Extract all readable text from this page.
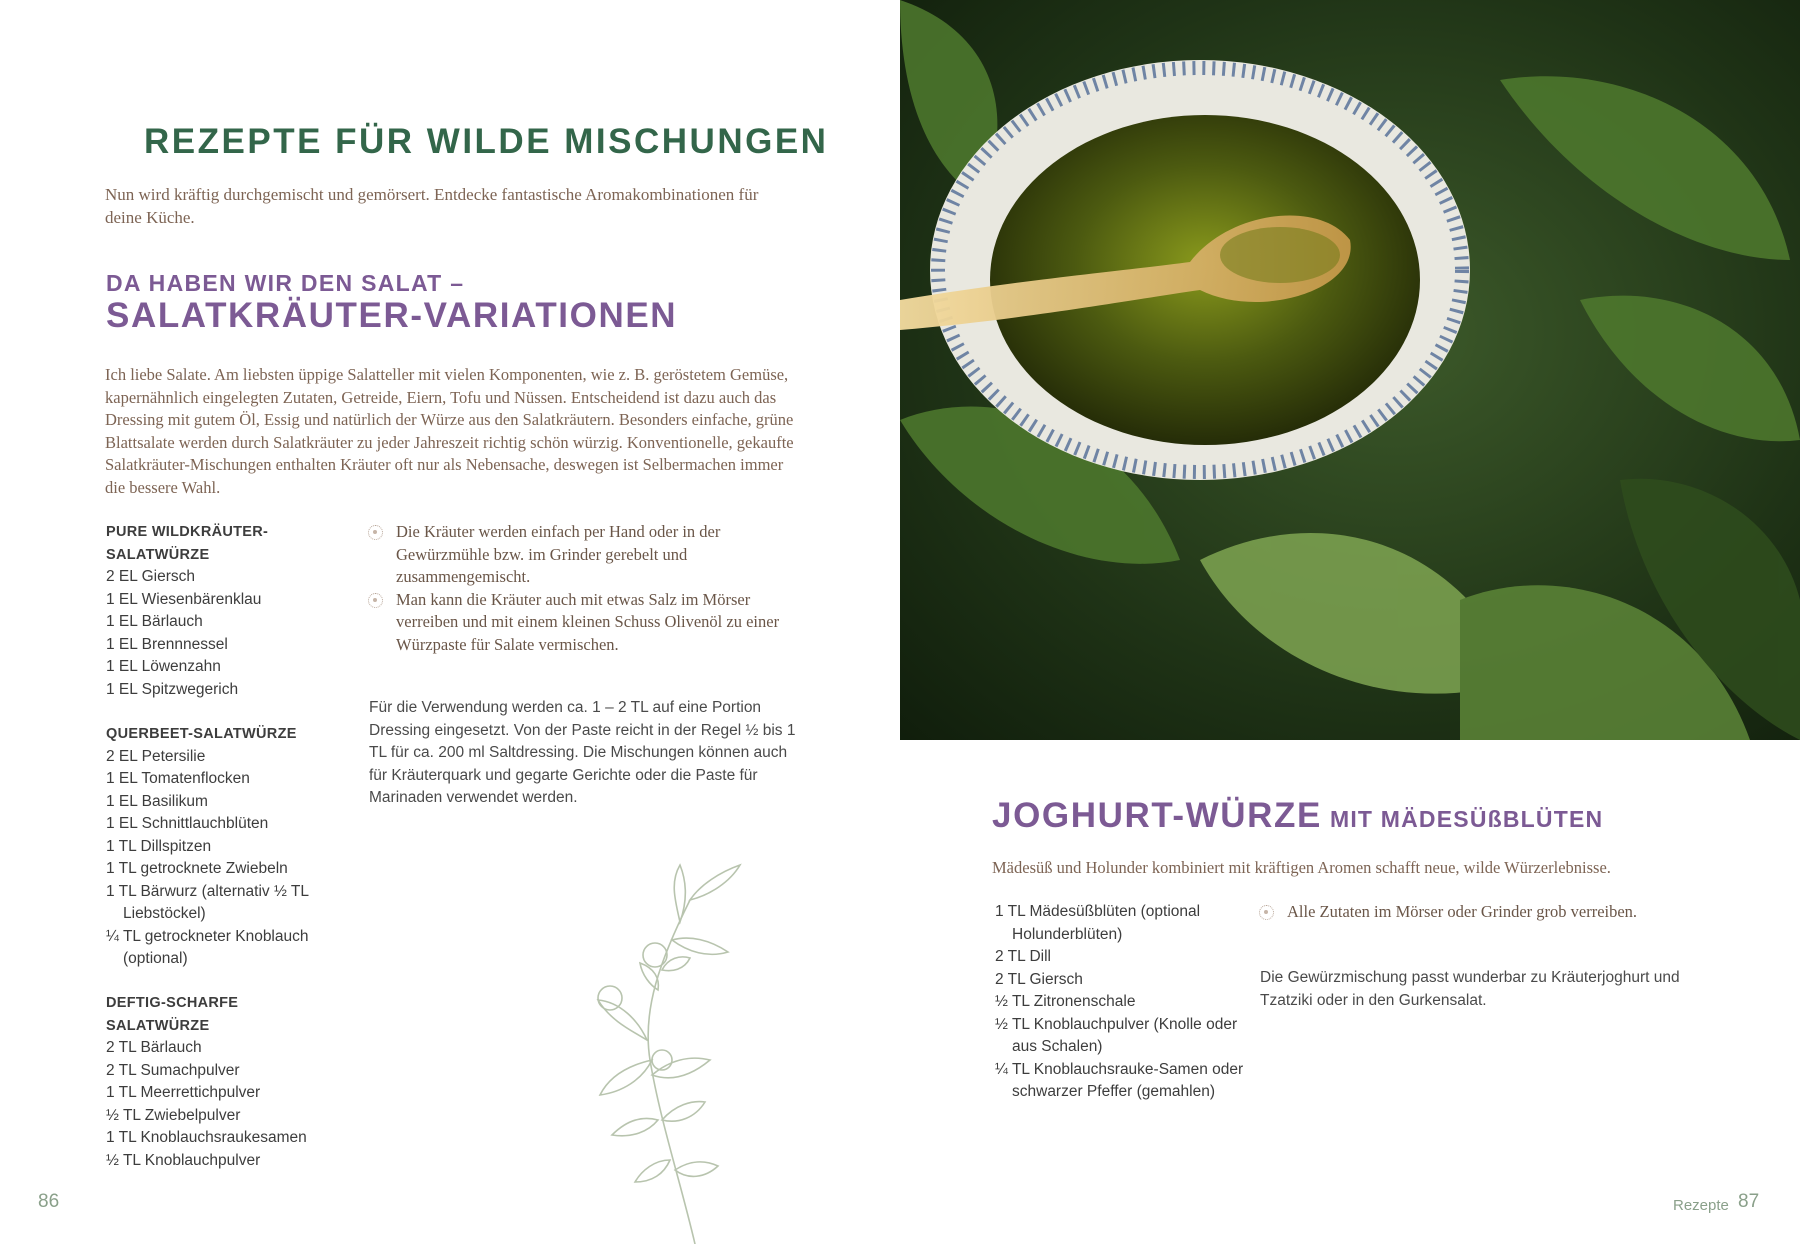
REZEPTE FÜR WILDE MISCHUNGEN
Nun wird kräftig durchgemischt und gemörsert. Entdecke fantastische Aromakombinationen für deine Küche.
DA HABEN WIR DEN SALAT –
SALATKRÄUTER-VARIATIONEN
Ich liebe Salate. Am liebsten üppige Salatteller mit vielen Komponenten, wie z. B. geröstetem Gemüse, kapernähnlich eingelegten Zutaten, Getreide, Eiern, Tofu und Nüssen. Entscheidend ist dazu auch das Dressing mit gutem Öl, Essig und natürlich der Würze aus den Salatkräutern. Besonders einfache, grüne Blattsalate werden durch Salatkräuter zu jeder Jahreszeit richtig schön würzig. Konventionelle, gekaufte Salatkräuter-Mischungen enthalten Kräuter oft nur als Nebensache, deswegen ist Selbermachen immer die bessere Wahl.
PURE WILDKRÄUTER-
SALATWÜRZE
2 EL Giersch
1 EL Wiesenbärenklau
1 EL Bärlauch
1 EL Brennnessel
1 EL Löwenzahn
1 EL Spitzwegerich
QUERBEET-SALATWÜRZE
2 EL Petersilie
1 EL Tomatenflocken
1 EL Basilikum
1 EL Schnittlauchblüten
1 TL Dillspitzen
1 TL getrocknete Zwiebeln
1 TL Bärwurz (alternativ ½ TL Liebstöckel)
¼ TL getrockneter Knoblauch (optional)
DEFTIG-SCHARFE SALATWÜRZE
2 TL Bärlauch
2 TL Sumachpulver
1 TL Meerrettichpulver
½ TL Zwiebelpulver
1 TL Knoblauchsraukesamen
½ TL Knoblauchpulver
Die Kräuter werden einfach per Hand oder in der Gewürzmühle bzw. im Grinder gerebelt und zusammengemischt.
Man kann die Kräuter auch mit etwas Salz im Mörser verreiben und mit einem kleinen Schuss Olivenöl zu einer Würzpaste für Salate vermischen.
Für die Verwendung werden ca. 1 – 2 TL auf eine Portion Dressing eingesetzt. Von der Paste reicht in der Regel ½ bis 1 TL für ca. 200 ml Saltdressing. Die Mischungen können auch für Kräuterquark und gegarte Gerichte oder die Paste für Marinaden verwendet werden.
86
JOGHURT-WÜRZE MIT MÄDESÜßBLÜTEN
Mädesüß und Holunder kombiniert mit kräftigen Aromen schafft neue, wilde Würzerlebnisse.
1 TL Mädesüßblüten (optional Holunderblüten)
2 TL Dill
2 TL Giersch
½ TL Zitronenschale
½ TL Knoblauchpulver (Knolle oder aus Schalen)
¼ TL Knoblauchsrauke-Samen oder schwarzer Pfeffer (gemahlen)
Alle Zutaten im Mörser oder Grinder grob verreiben.
Die Gewürzmischung passt wunderbar zu Kräuterjoghurt und Tzatziki oder in den Gurkensalat.
Rezepte 87
